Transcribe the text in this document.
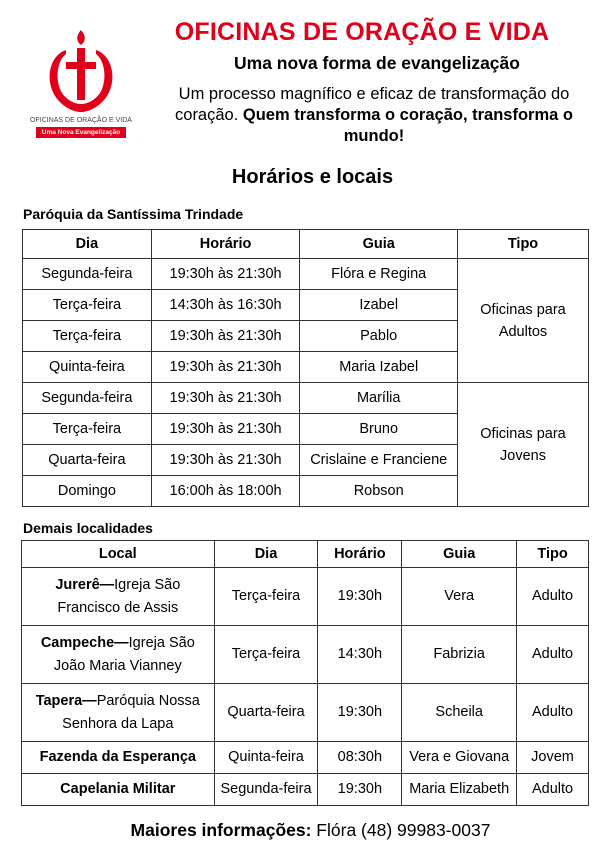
OFICINAS DE ORAÇÃO E VIDA
Uma Nova Evangelização
OFICINAS DE ORAÇÃO E VIDA
Uma nova forma de evangelização
Um processo magnífico e eficaz de transformação do coração. Quem transforma o coração, transforma o mundo!
Horários e locais
Paróquia da Santíssima Trindade
Dia	Horário	Guia	Tipo
Segunda-feira	19:30h às 21:30h	Flóra e Regina	Oficinas para Adultos
Terça-feira	14:30h às 16:30h	Izabel	
Terça-feira	19:30h às 21:30h	Pablo	
Quinta-feira	19:30h às 21:30h	Maria Izabel	
Segunda-feira	19:30h às 21:30h	Marília	Oficinas para Jovens
Terça-feira	19:30h às 21:30h	Bruno	
Quarta-feira	19:30h às 21:30h	Crislaine e Franciene	
Domingo	16:00h às 18:00h	Robson	
Demais localidades
Local	Dia	Horário	Guia	Tipo
Jurerê—Igreja São Francisco de Assis	Terça-feira	19:30h	Vera	Adulto
Campeche—Igreja São João Maria Vianney	Terça-feira	14:30h	Fabrizia	Adulto
Tapera—Paróquia Nossa Senhora da Lapa	Quarta-feira	19:30h	Scheila	Adulto
Fazenda da Esperança	Quinta-feira	08:30h	Vera e Giovana	Jovem
Capelania Militar	Segunda-feira	19:30h	Maria Elizabeth	Adulto
Maiores informações: Flóra (48) 99983-0037
